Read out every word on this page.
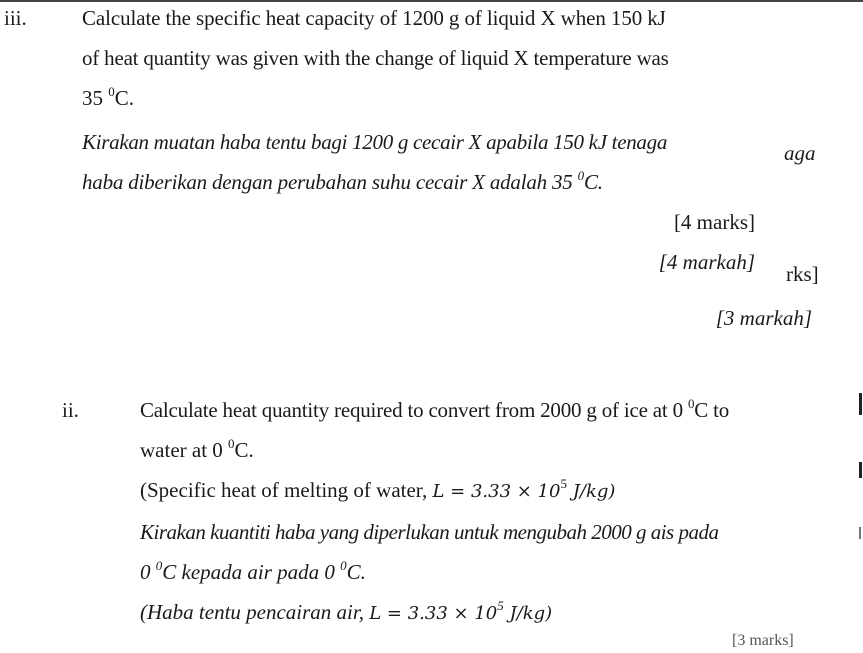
iii.	Calculate the specific heat capacity of 1200 g of liquid X when 150 kJ
of heat quantity was given with the change of liquid X temperature was
35 $^0$C.
Kirakan muatan haba tentu bagi 1200 g cecair X apabila 150 kJ tenaga
haba diberikan dengan perubahan suhu cecair X adalah 35 $^0$C.
aga
[4 marks]
[4 markah] rks]
[3 markah]
ii.	Calculate heat quantity required to convert from 2000 g of ice at 0 $^0$C to
water at 0 $^0$C.
(Specific heat of melting of water, $L = 3.33 \times 10^5$ J/kg)
Kirakan kuantiti haba yang diperlukan untuk mengubah 2000 g ais pada
0 $^0$C kepada air pada 0 $^0$C.
(Haba tentu pencairan air, $L = 3.33 \times 10^5$ J/kg)
[3 marks]
